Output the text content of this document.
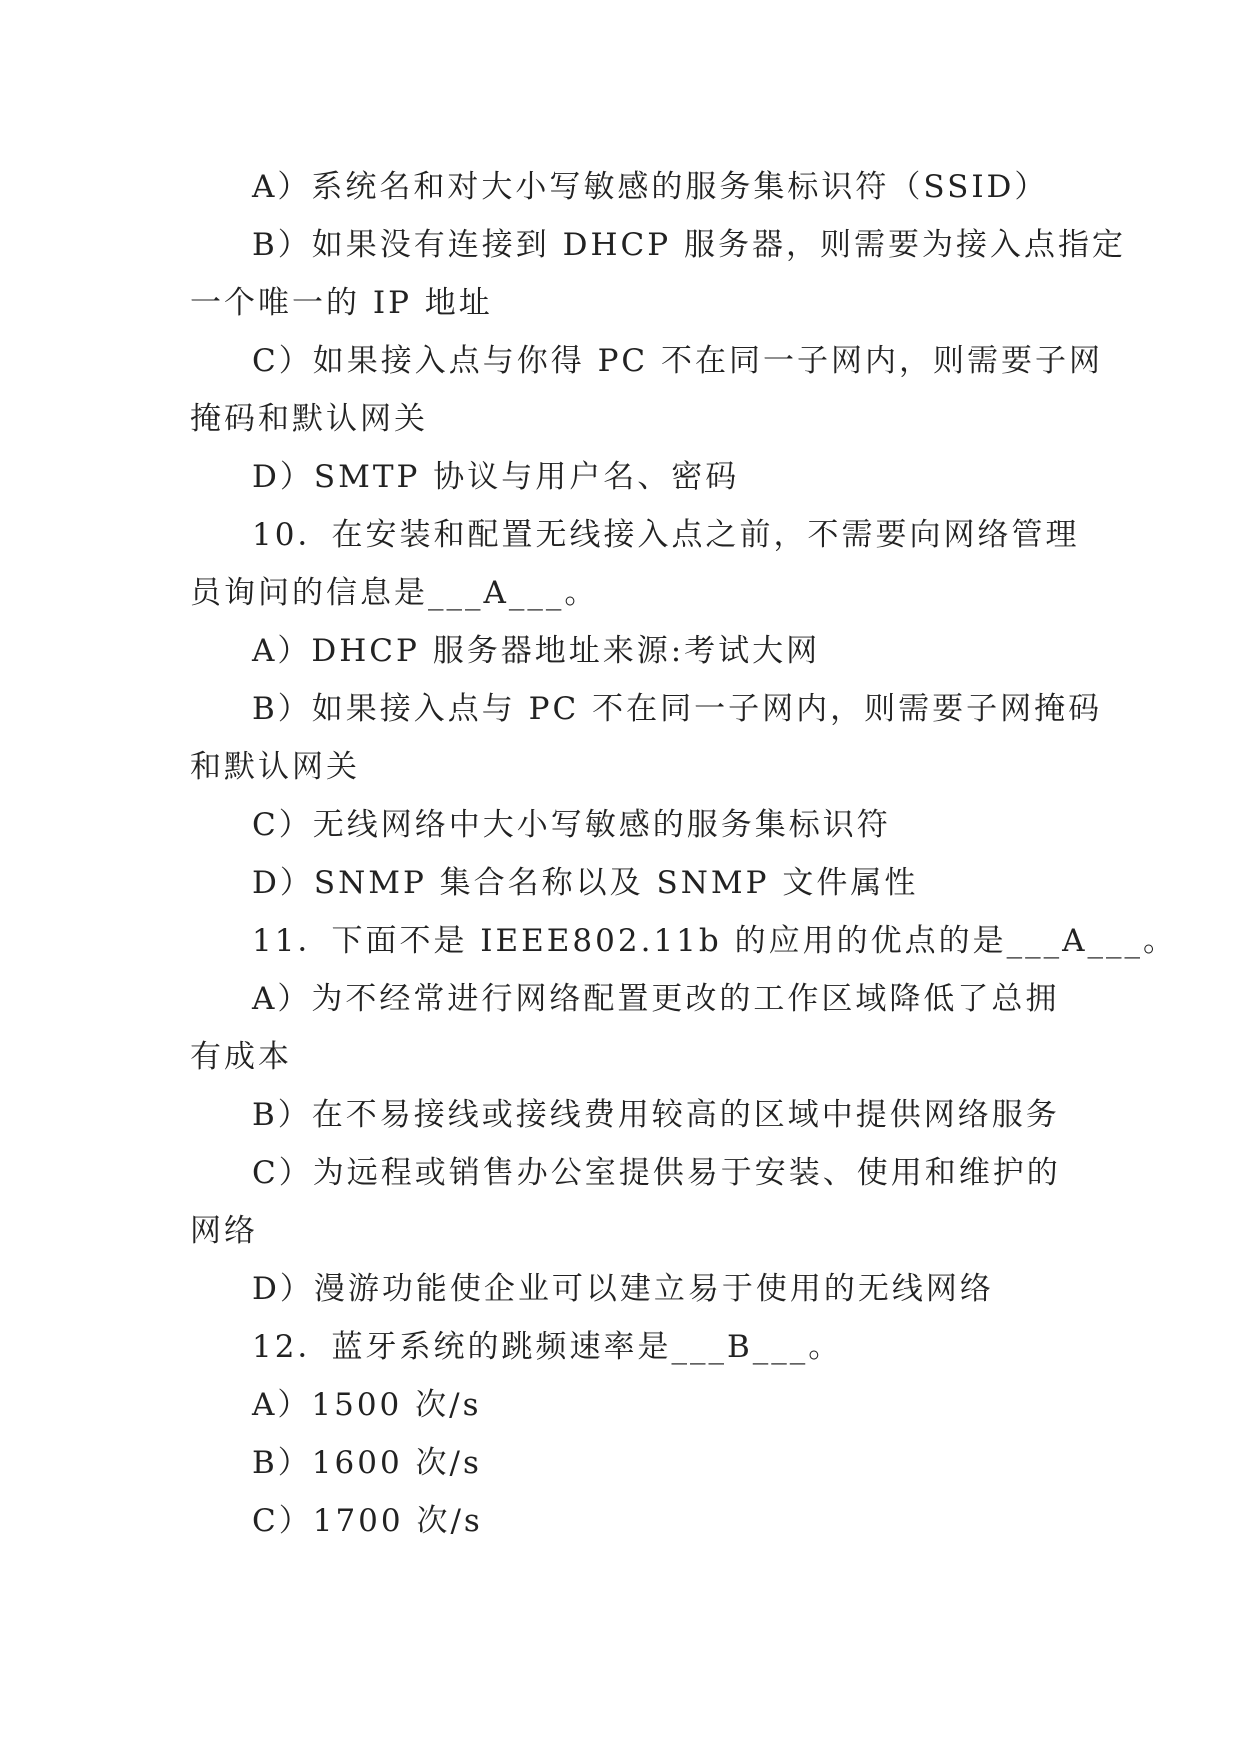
A）系统名和对大小写敏感的服务集标识符（SSID）
B）如果没有连接到 DHCP 服务器，则需要为接入点指定
一个唯一的 IP 地址
C）如果接入点与你得 PC 不在同一子网内，则需要子网
掩码和默认网关
D）SMTP 协议与用户名、密码
10．在安装和配置无线接入点之前，不需要向网络管理
员询问的信息是___A___。
A）DHCP 服务器地址来源:考试大网
B）如果接入点与 PC 不在同一子网内，则需要子网掩码
和默认网关
C）无线网络中大小写敏感的服务集标识符
D）SNMP 集合名称以及 SNMP 文件属性
11．下面不是 IEEE802.11b 的应用的优点的是___A___。
A）为不经常进行网络配置更改的工作区域降低了总拥
有成本
B）在不易接线或接线费用较高的区域中提供网络服务
C）为远程或销售办公室提供易于安装、使用和维护的
网络
D）漫游功能使企业可以建立易于使用的无线网络
12．蓝牙系统的跳频速率是___B___。
A）1500 次/s
B）1600 次/s
C）1700 次/s
